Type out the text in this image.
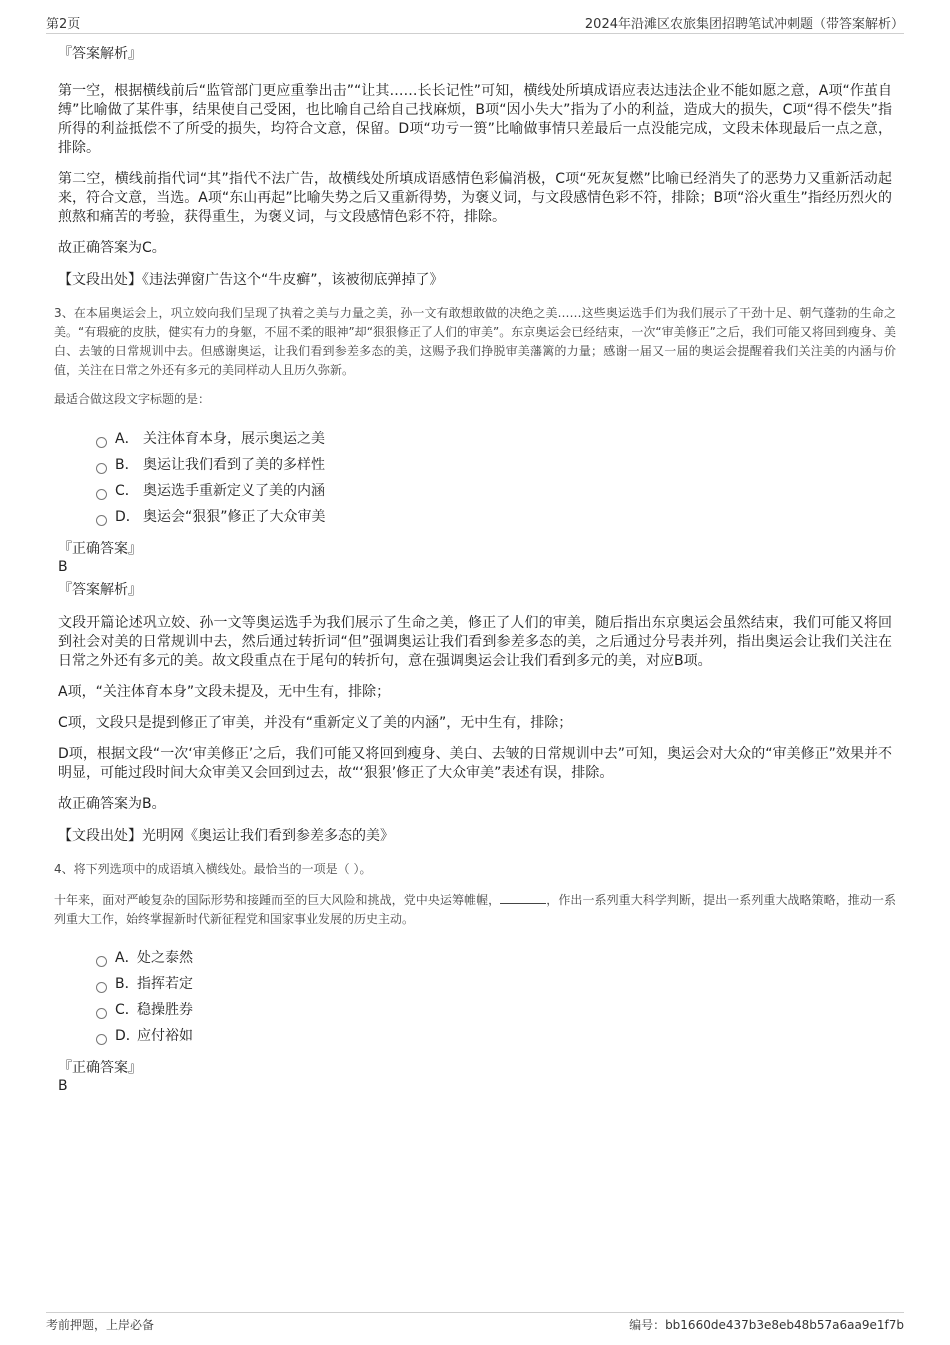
第2页	2024年沿滩区农旅集团招聘笔试冲刺题（带答案解析）
『答案解析』

第一空，根据横线前后“监管部门更应重拳出击”“让其……长长记性”可知，横线处所填成语应表达违法企业不能如愿之意，A项“作茧自缚”比喻做了某件事，结果使自己受困，也比喻自己给自己找麻烦，B项“因小失大”指为了小的利益，造成大的损失，C项“得不偿失”指所得的利益抵偿不了所受的损失，均符合文意，保留。D项“功亏一篑”比喻做事情只差最后一点没能完成，文段未体现最后一点之意，排除。

第二空，横线前指代词“其”指代不法广告，故横线处所填成语感情色彩偏消极，C项“死灰复燃”比喻已经消失了的恶势力又重新活动起来，符合文意，当选。A项“东山再起”比喻失势之后又重新得势，为褒义词，与文段感情色彩不符，排除；B项“浴火重生”指经历烈火的煎熬和痛苦的考验，获得重生，为褒义词，与文段感情色彩不符，排除。

故正确答案为C。

【文段出处】《违法弹窗广告这个“牛皮癣”，该被彻底弹掉了》

3、在本届奥运会上，巩立姣向我们呈现了执着之美与力量之美，孙一文有敢想敢做的决绝之美……这些奥运选手们为我们展示了干劲十足、朝气蓬勃的生命之美。“有瑕疵的皮肤，健实有力的身躯，不屈不柔的眼神”却“狠狠修正了人们的审美”。东京奥运会已经结束，一次“审美修正”之后，我们可能又将回到瘦身、美白、去皱的日常规训中去。但感谢奥运，让我们看到参差多态的美，这赐予我们挣脱审美藩篱的力量；感谢一届又一届的奥运会提醒着我们关注美的内涵与价值，关注在日常之外还有多元的美同样动人且历久弥新。

最适合做这段文字标题的是：

A． 关注体育本身，展示奥运之美
B． 奥运让我们看到了美的多样性
C． 奥运选手重新定义了美的内涵
D． 奥运会“狠狠”修正了大众审美
『正确答案』
B
『答案解析』

文段开篇论述巩立姣、孙一文等奥运选手为我们展示了生命之美，修正了人们的审美，随后指出东京奥运会虽然结束，我们可能又将回到社会对美的日常规训中去，然后通过转折词“但”强调奥运让我们看到参差多态的美，之后通过分号表并列，指出奥运会让我们关注在日常之外还有多元的美。故文段重点在于尾句的转折句，意在强调奥运会让我们看到多元的美，对应B项。

A项，“关注体育本身”文段未提及，无中生有，排除；

C项，文段只是提到修正了审美，并没有“重新定义了美的内涵”，无中生有，排除；

D项，根据文段“一次‘审美修正’之后，我们可能又将回到瘦身、美白、去皱的日常规训中去”可知，奥运会对大众的“审美修正”效果并不明显，可能过段时间大众审美又会回到过去，故“‘狠狠’修正了大众审美”表述有误，排除。

故正确答案为B。

【文段出处】光明网《奥运让我们看到参差多态的美》

4、将下列选项中的成语填入横线处。最恰当的一项是（ ）。

十年来，面对严峻复杂的国际形势和接踵而至的巨大风险和挑战，党中央运筹帷幄，	，作出一系列重大科学判断，提出一系列重大战略策略，推动一系列重大工作，始终掌握新时代新征程党和国家事业发展的历史主动。

A．
处之泰然
B．
指挥若定
C．
稳操胜券
D．
应付裕如
『正确答案』
B
考前押题，上岸必备	编号：bb1660de437b3e8eb48b57a6aa9e1f7b
